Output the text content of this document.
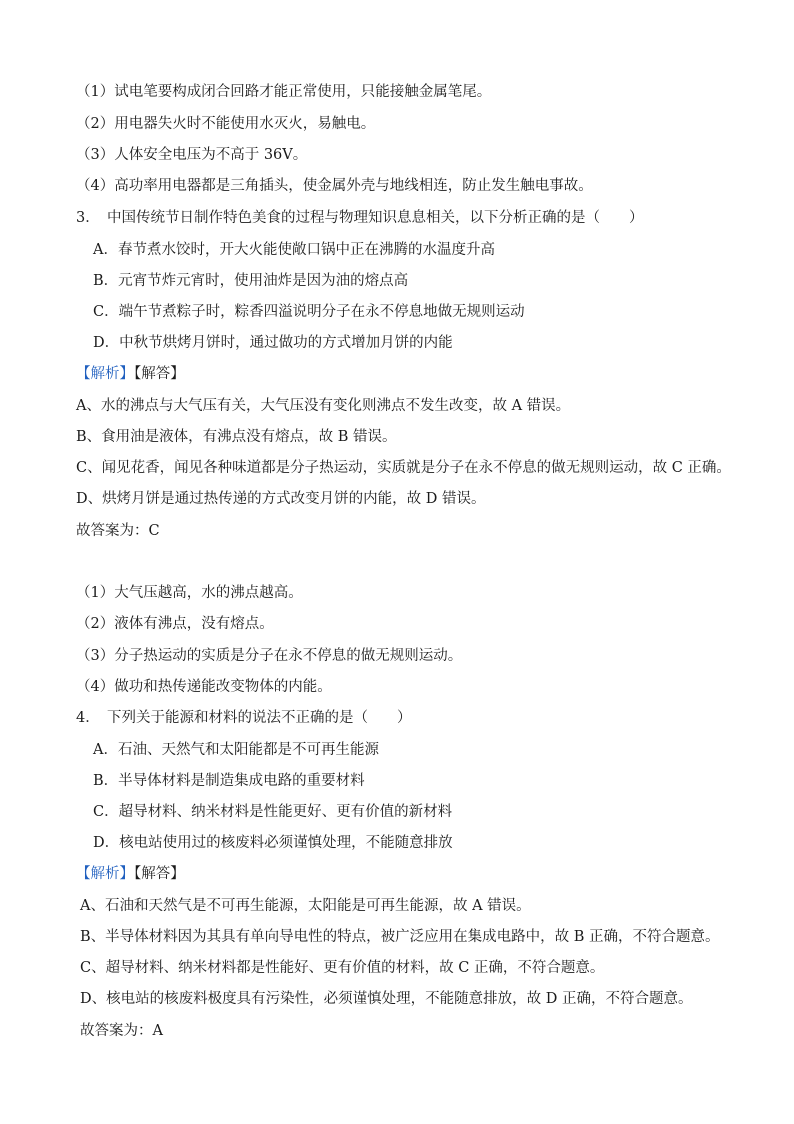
（1）试电笔要构成闭合回路才能正常使用，只能接触金属笔尾。
（2）用电器失火时不能使用水灭火，易触电。
（3）人体安全电压为不高于 36V。
（4）高功率用电器都是三角插头，使金属外壳与地线相连，防止发生触电事故。
3．　中国传统节日制作特色美食的过程与物理知识息息相关，以下分析正确的是（　　）
A．春节煮水饺时，开大火能使敞口锅中正在沸腾的水温度升高
B．元宵节炸元宵时，使用油炸是因为油的熔点高
C．端午节煮粽子时，粽香四溢说明分子在永不停息地做无规则运动
D．中秋节烘烤月饼时，通过做功的方式增加月饼的内能
【解析】【解答】
A、水的沸点与大气压有关，大气压没有变化则沸点不发生改变，故 A 错误。
B、食用油是液体，有沸点没有熔点，故 B 错误。
C、闻见花香，闻见各种味道都是分子热运动，实质就是分子在永不停息的做无规则运动，故 C 正确。
D、烘烤月饼是通过热传递的方式改变月饼的内能，故 D 错误。
故答案为：C
（1）大气压越高，水的沸点越高。
（2）液体有沸点，没有熔点。
（3）分子热运动的实质是分子在永不停息的做无规则运动。
（4）做功和热传递能改变物体的内能。
4．　下列关于能源和材料的说法不正确的是（　　）
A．石油、天然气和太阳能都是不可再生能源
B．半导体材料是制造集成电路的重要材料
C．超导材料、纳米材料是性能更好、更有价值的新材料
D．核电站使用过的核废料必须谨慎处理，不能随意排放
【解析】【解答】
A、石油和天然气是不可再生能源，太阳能是可再生能源，故 A 错误。
B、半导体材料因为其具有单向导电性的特点，被广泛应用在集成电路中，故 B 正确，不符合题意。
C、超导材料、纳米材料都是性能好、更有价值的材料，故 C 正确，不符合题意。
D、核电站的核废料极度具有污染性，必须谨慎处理，不能随意排放，故 D 正确，不符合题意。
故答案为：A
